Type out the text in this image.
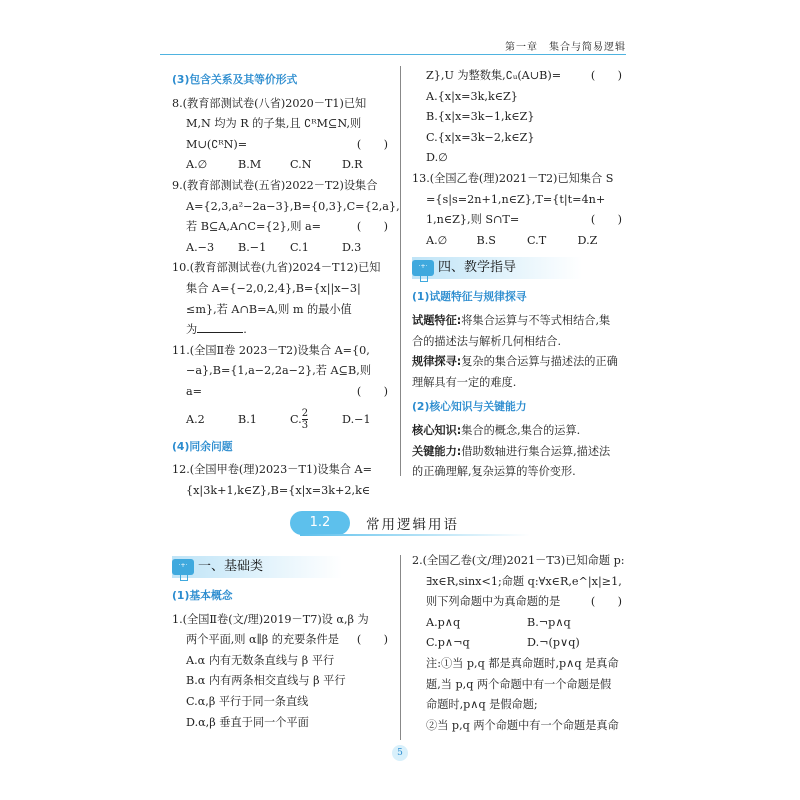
第一章　集合与简易逻辑
(3)包含关系及其等价形式
8.(教育部测试卷(八省)2020－T1)已知
M,N 均为 R 的子集,且 ∁ᴿM⊆N,则
M∪(∁ᴿN)=	(　　)
A.∅	B.M	C.N	D.R
9.(教育部测试卷(五省)2022－T2)设集合
A={2,3,a²−2a−3},B={0,3},C={2,a},
若 B⊆A,A∩C={2},则 a=	(　　)
A.−3	B.−1	C.1	D.3
10.(教育部测试卷(九省)2024－T12)已知
集合 A={−2,0,2,4},B={x||x−3|
≤m},若 A∩B=A,则 m 的最小值
为	.
11.(全国Ⅱ卷 2023－T2)设集合 A={0,
−a},B={1,a−2,2a−2},若 A⊆B,则
a=	(　　)
A.2	B.1	C. $\frac{2}{3}$	D.−1
(4)同余问题
12.(全国甲卷(理)2023－T1)设集合 A=
{x|3k+1,k∈Z},B={x|x=3k+2,k∈
Z},U 为整数集,∁ᵤ(A∪B)=	(　　)
A.{x|x=3k,k∈Z}
B.{x|x=3k−1,k∈Z}
C.{x|x=3k−2,k∈Z}
D.∅
13.(全国乙卷(理)2021－T2)已知集合 S
={s|s=2n+1,n∈Z},T={t|t=4n+
1,n∈Z},则 S∩T=	(　　)
A.∅	B.S	C.T	D.Z
·+· 四、教学指导
(1)试题特征与规律探寻
试题特征:将集合运算与不等式相结合,集
合的描述法与解析几何相结合.
规律探寻:复杂的集合运算与描述法的正确
理解具有一定的难度.
(2)核心知识与关键能力
核心知识:集合的概念,集合的运算.
关键能力:借助数轴进行集合运算,描述法
的正确理解,复杂运算的等价变形.
1.2	常用逻辑用语
·+· 一、基础类
(1)基本概念
1.(全国Ⅱ卷(文/理)2019－T7)设 α,β 为
两个平面,则 α∥β 的充要条件是 (　　)
A.α 内有无数条直线与 β 平行
B.α 内有两条相交直线与 β 平行
C.α,β 平行于同一条直线
D.α,β 垂直于同一个平面
2.(全国乙卷(文/理)2021－T3)已知命题 p:
∃x∈R,sinx<1;命题 q:∀x∈R,e^|x|≥1,
则下列命题中为真命题的是	(　　)
A.p∧q	B.¬p∧q
C.p∧¬q	D.¬(p∨q)
注:①当 p,q 都是真命题时,p∧q 是真命
题,当 p,q 两个命题中有一个命题是假
命题时,p∧q 是假命题;
②当 p,q 两个命题中有一个命题是真命
5
